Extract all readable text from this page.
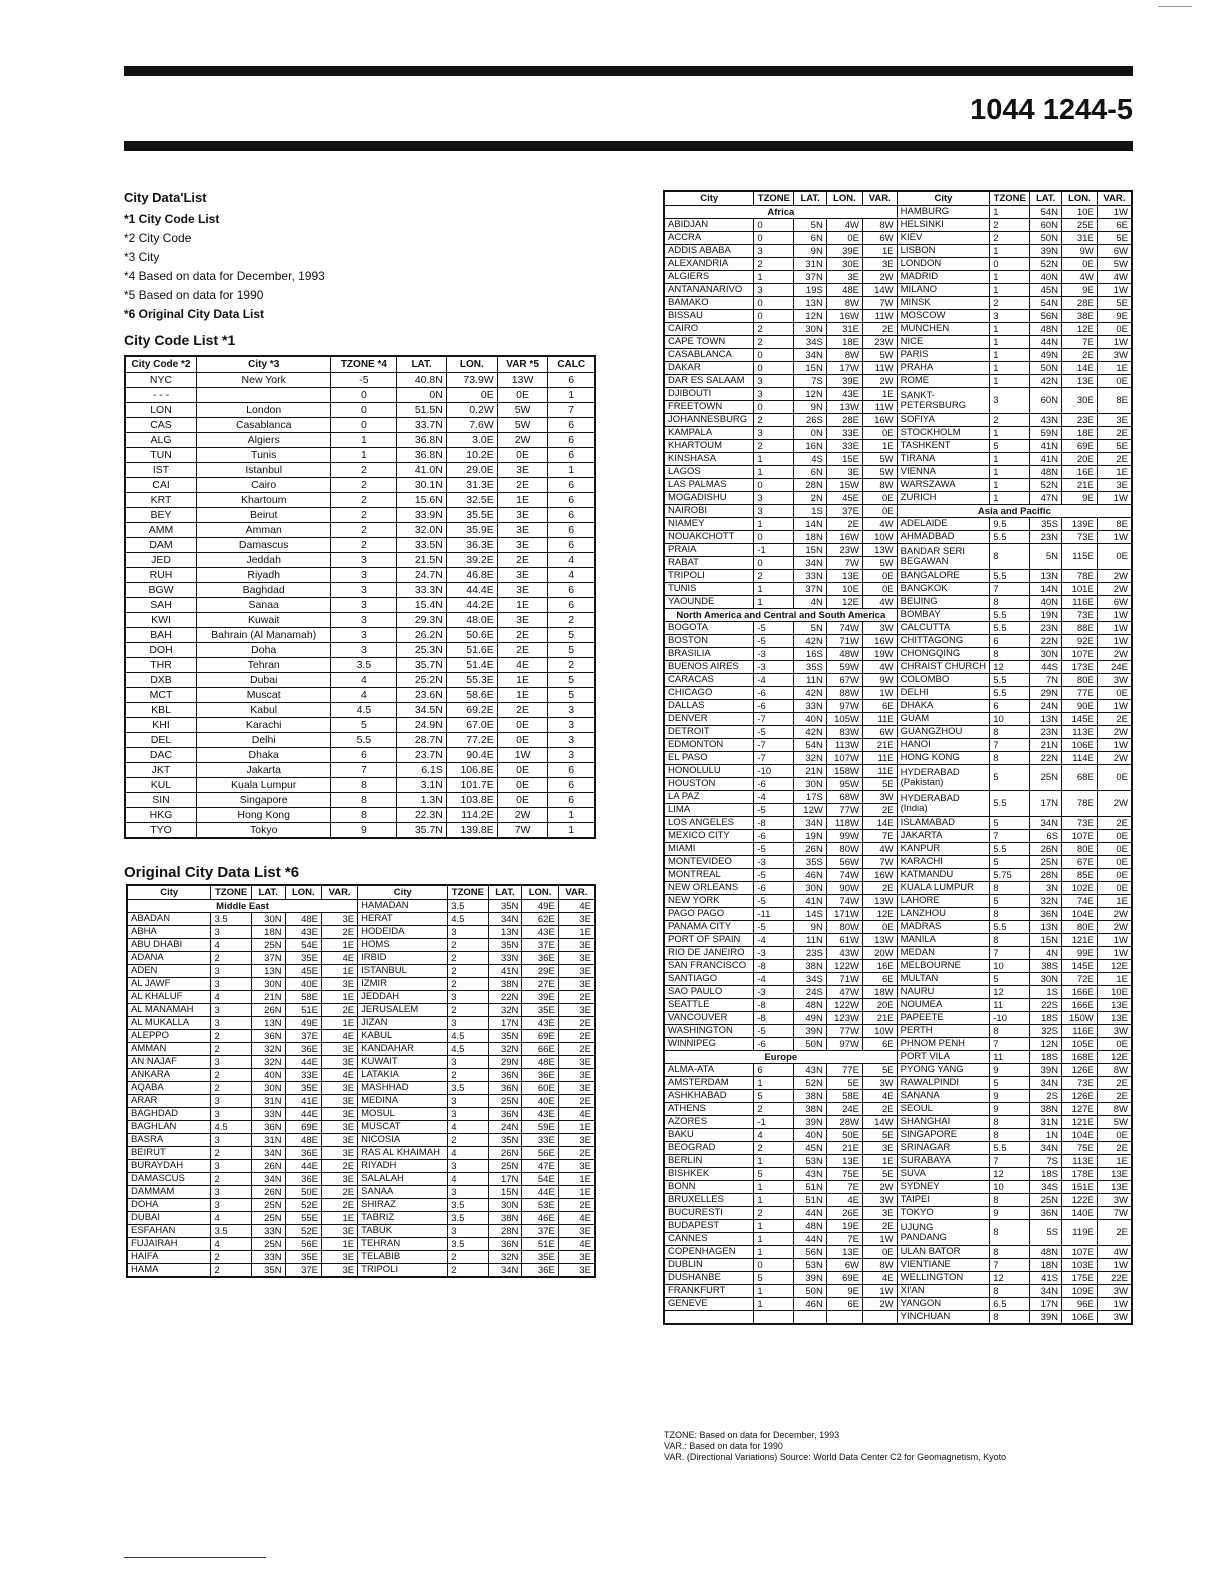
1044 1244-5
City Data'List
*1 City Code List
*2 City Code
*3 City
*4 Based on data for December, 1993
*5 Based on data for 1990
*6 Original City Data List
City Code List *1
City Code *2	City *3	TZONE *4	LAT.	LON.	VAR *5	CALC
NYC	New York	-5	40.8N	73.9W	13W	6
- - -		0	0N	0E	0E	1
LON	London	0	51.5N	0.2W	5W	7
CAS	Casablanca	0	33.7N	7.6W	5W	6
ALG	Algiers	1	36.8N	3.0E	2W	6
TUN	Tunis	1	36.8N	10.2E	0E	6
IST	Istanbul	2	41.0N	29.0E	3E	1
CAI	Cairo	2	30.1N	31.3E	2E	6
KRT	Khartoum	2	15.6N	32.5E	1E	6
BEY	Beirut	2	33.9N	35.5E	3E	6
AMM	Amman	2	32.0N	35.9E	3E	6
DAM	Damascus	2	33.5N	36.3E	3E	6
JED	Jeddah	3	21.5N	39.2E	2E	4
RUH	Riyadh	3	24.7N	46.8E	3E	4
BGW	Baghdad	3	33.3N	44.4E	3E	6
SAH	Sanaa	3	15.4N	44.2E	1E	6
KWI	Kuwait	3	29.3N	48.0E	3E	2
BAH	Bahrain (Al Manamah)	3	26.2N	50.6E	2E	5
DOH	Doha	3	25.3N	51.6E	2E	5
THR	Tehran	3.5	35.7N	51.4E	4E	2
DXB	Dubai	4	25.2N	55.3E	1E	5
MCT	Muscat	4	23.6N	58.6E	1E	5
KBL	Kabul	4.5	34.5N	69.2E	2E	3
KHI	Karachi	5	24.9N	67.0E	0E	3
DEL	Delhi	5.5	28.7N	77.2E	0E	3
DAC	Dhaka	6	23.7N	90.4E	1W	3
JKT	Jakarta	7	6.1S	106.8E	0E	6
KUL	Kuala Lumpur	8	3.1N	101.7E	0E	6
SIN	Singapore	8	1.3N	103.8E	0E	6
HKG	Hong Kong	8	22.3N	114.2E	2W	1
TYO	Tokyo	9	35.7N	139.8E	7W	1
Original City Data List *6
City	TZONE	LAT.	LON.	VAR.	City	TZONE	LAT.	LON.	VAR.
Middle East					HAMADAN	3.5	35N	49E	4E
ABADAN	3.5	30N	48E	3E	HERAT	4.5	34N	62E	3E
ABHA	3	18N	43E	2E	HODEIDA	3	13N	43E	1E
ABU DHABI	4	25N	54E	1E	HOMS	2	35N	37E	3E
ADANA	2	37N	35E	4E	IRBID	2	33N	36E	3E
ADEN	3	13N	45E	1E	ISTANBUL	2	41N	29E	3E
AL JAWF	3	30N	40E	3E	IZMIR	2	38N	27E	3E
AL KHALUF	4	21N	58E	1E	JEDDAH	3	22N	39E	2E
AL MANAMAH	3	26N	51E	2E	JERUSALEM	2	32N	35E	3E
AL MUKALLA	3	13N	49E	1E	JIZAN	3	17N	43E	2E
ALEPPO	2	36N	37E	4E	KABUL	4.5	35N	69E	2E
AMMAN	2	32N	36E	3E	KANDAHAR	4.5	32N	66E	2E
AN NAJAF	3	32N	44E	3E	KUWAIT	3	29N	48E	3E
ANKARA	2	40N	33E	4E	LATAKIA	2	36N	36E	3E
AQABA	2	30N	35E	3E	MASHHAD	3.5	36N	60E	3E
ARAR	3	31N	41E	3E	MEDINA	3	25N	40E	2E
BAGHDAD	3	33N	44E	3E	MOSUL	3	36N	43E	4E
BAGHLAN	4.5	36N	69E	3E	MUSCAT	4	24N	59E	1E
BASRA	3	31N	48E	3E	NICOSIA	2	35N	33E	3E
BEIRUT	2	34N	36E	3E	RAS AL KHAIMAH	4	26N	56E	2E
BURAYDAH	3	26N	44E	2E	RIYADH	3	25N	47E	3E
DAMASCUS	2	34N	36E	3E	SALALAH	4	17N	54E	1E
DAMMAM	3	26N	50E	2E	SANAA	3	15N	44E	1E
DOHA	3	25N	52E	2E	SHIRAZ	3.5	30N	53E	2E
DUBAI	4	25N	55E	1E	TABRIZ	3.5	38N	46E	4E
ESFAHAN	3.5	33N	52E	3E	TABUK	3	28N	37E	3E
FUJAIRAH	4	25N	56E	1E	TEHRAN	3.5	36N	51E	4E
HAIFA	2	33N	35E	3E	TELABIB	2	32N	35E	3E
HAMA	2	35N	37E	3E	TRIPOLI	2	34N	36E	3E
City	TZONE	LAT.	LON.	VAR.	City	TZONE	LAT.	LON.	VAR.
Africa					HAMBURG	1	54N	10E	1W
ABIDJAN	0	5N	4W	8W	HELSINKI	2	60N	25E	6E
ACCRA	0	6N	0E	6W	KIEV	2	50N	31E	5E
ADDIS ABABA	3	9N	39E	1E	LISBON	1	39N	9W	6W
ALEXANDRIA	2	31N	30E	3E	LONDON	0	52N	0E	5W
ALGIERS	1	37N	3E	2W	MADRID	1	40N	4W	4W
ANTANANARIVO	3	19S	48E	14W	MILANO	1	45N	9E	1W
BAMAKO	0	13N	8W	7W	MINSK	2	54N	28E	5E
BISSAU	0	12N	16W	11W	MOSCOW	3	56N	38E	9E
CAIRO	2	30N	31E	2E	MUNCHEN	1	48N	12E	0E
CAPE TOWN	2	34S	18E	23W	NICE	1	44N	7E	1W
CASABLANCA	0	34N	8W	5W	PARIS	1	49N	2E	3W
DAKAR	0	15N	17W	11W	PRAHA	1	50N	14E	1E
DAR ES SALAAM	3	7S	39E	2W	ROME	1	42N	13E	0E
DJIBOUTI	3	12N	43E	1E	SANKT-
PETERSBURG	3	60N	30E	8E
FREETOWN	0	9N	13W	11W					
JOHANNESBURG	2	26S	28E	16W	SOFIYA	2	43N	23E	3E
KAMPALA	3	0N	33E	0E	STOCKHOLM	1	59N	18E	2E
KHARTOUM	2	16N	33E	1E	TASHKENT	5	41N	69E	5E
KINSHASA	1	4S	15E	5W	TIRANA	1	41N	20E	2E
LAGOS	1	6N	3E	5W	VIENNA	1	48N	16E	1E
LAS PALMAS	0	28N	15W	8W	WARSZAWA	1	52N	21E	3E
MOGADISHU	3	2N	45E	0E	ZURICH	1	47N	9E	1W
NAIROBI	3	1S	37E	0E	Asia and Pacific				
NIAMEY	1	14N	2E	4W	ADELAIDE	9.5	35S	139E	8E
NOUAKCHOTT	0	18N	16W	10W	AHMADBAD	5.5	23N	73E	1W
PRAIA	-1	15N	23W	13W	BANDAR SERI
BEGAWAN	8	5N	115E	0E
RABAT	0	34N	7W	5W					
TRIPOLI	2	33N	13E	0E	BANGALORE	5.5	13N	78E	2W
TUNIS	1	37N	10E	0E	BANGKOK	7	14N	101E	2W
YAOUNDE	1	4N	12E	4W	BEIJING	8	40N	116E	6W
North America and Central and South America					BOMBAY	5.5	19N	73E	1W
BOGOTA	-5	5N	74W	3W	CALCUTTA	5.5	23N	88E	1W
BOSTON	-5	42N	71W	16W	CHITTAGONG	6	22N	92E	1W
BRASILIA	-3	16S	48W	19W	CHONGQING	8	30N	107E	2W
BUENOS AIRES	-3	35S	59W	4W	CHRAIST CHURCH	12	44S	173E	24E
CARACAS	-4	11N	67W	9W	COLOMBO	5.5	7N	80E	3W
CHICAGO	-6	42N	88W	1W	DELHI	5.5	29N	77E	0E
DALLAS	-6	33N	97W	6E	DHAKA	6	24N	90E	1W
DENVER	-7	40N	105W	11E	GUAM	10	13N	145E	2E
DETROIT	-5	42N	83W	6W	GUANGZHOU	8	23N	113E	2W
EDMONTON	-7	54N	113W	21E	HANOI	7	21N	106E	1W
EL PASO	-7	32N	107W	11E	HONG KONG	8	22N	114E	2W
HONOLULU	-10	21N	158W	11E	HYDERABAD
(Pakistan)	5	25N	68E	0E
HOUSTON	-6	30N	95W	5E					
LA PAZ	-4	17S	68W	3W	HYDERABAD
(India)	5.5	17N	78E	2W
LIMA	-5	12W	77W	2E					
LOS ANGELES	-8	34N	118W	14E	ISLAMABAD	5	34N	73E	2E
MEXICO CITY	-6	19N	99W	7E	JAKARTA	7	6S	107E	0E
MIAMI	-5	26N	80W	4W	KANPUR	5.5	26N	80E	0E
MONTEVIDEO	-3	35S	56W	7W	KARACHI	5	25N	67E	0E
MONTREAL	-5	46N	74W	16W	KATMANDU	5.75	28N	85E	0E
NEW ORLEANS	-6	30N	90W	2E	KUALA LUMPUR	8	3N	102E	0E
NEW YORK	-5	41N	74W	13W	LAHORE	5	32N	74E	1E
PAGO PAGO	-11	14S	171W	12E	LANZHOU	8	36N	104E	2W
PANAMA CITY	-5	9N	80W	0E	MADRAS	5.5	13N	80E	2W
PORT OF SPAIN	-4	11N	61W	13W	MANILA	8	15N	121E	1W
RIO DE JANEIRO	-3	23S	43W	20W	MEDAN	7	4N	99E	1W
SAN FRANCISCO	-8	38N	122W	16E	MELBOURNE	10	38S	145E	12E
SANTIAGO	-4	34S	71W	6E	MULTAN	5	30N	72E	1E
SAO PAULO	-3	24S	47W	18W	NAURU	12	1S	166E	10E
SEATTLE	-8	48N	122W	20E	NOUMEA	11	22S	166E	13E
VANCOUVER	-8	49N	123W	21E	PAPEETE	-10	18S	150W	13E
WASHINGTON	-5	39N	77W	10W	PERTH	8	32S	116E	3W
WINNIPEG	-6	50N	97W	6E	PHNOM PENH	7	12N	105E	0E
Europe					PORT VILA	11	18S	168E	12E
ALMA-ATA	6	43N	77E	5E	PYONG YANG	9	39N	126E	8W
AMSTERDAM	1	52N	5E	3W	RAWALPINDI	5	34N	73E	2E
ASHKHABAD	5	38N	58E	4E	SANANA	9	2S	126E	2E
ATHENS	2	38N	24E	2E	SEOUL	9	38N	127E	8W
AZORES	-1	39N	28W	14W	SHANGHAI	8	31N	121E	5W
BAKU	4	40N	50E	5E	SINGAPORE	8	1N	104E	0E
BEOGRAD	2	45N	21E	3E	SRINAGAR	5.5	34N	75E	2E
BERLIN	1	53N	13E	1E	SURABAYA	7	7S	113E	1E
BISHKEK	5	43N	75E	5E	SUVA	12	18S	178E	13E
BONN	1	51N	7E	2W	SYDNEY	10	34S	151E	13E
BRUXELLES	1	51N	4E	3W	TAIPEI	8	25N	122E	3W
BUCURESTI	2	44N	26E	3E	TOKYO	9	36N	140E	7W
BUDAPEST	1	48N	19E	2E	UJUNG
PANDANG	8	5S	119E	2E
CANNES	1	44N	7E	1W					
COPENHAGEN	1	56N	13E	0E	ULAN BATOR	8	48N	107E	4W
DUBLIN	0	53N	6W	8W	VIENTIANE	7	18N	103E	1W
DUSHANBE	5	39N	69E	4E	WELLINGTON	12	41S	175E	22E
FRANKFURT	1	50N	9E	1W	XI'AN	8	34N	109E	3W
GENEVE	1	46N	6E	2W	YANGON	6.5	17N	96E	1W
					YINCHUAN	8	39N	106E	3W
TZONE: Based on data for December, 1993
VAR.: Based on data for 1990
VAR. (Directional Variations) Source: World Data Center C2 for Geomagnetism, Kyoto
